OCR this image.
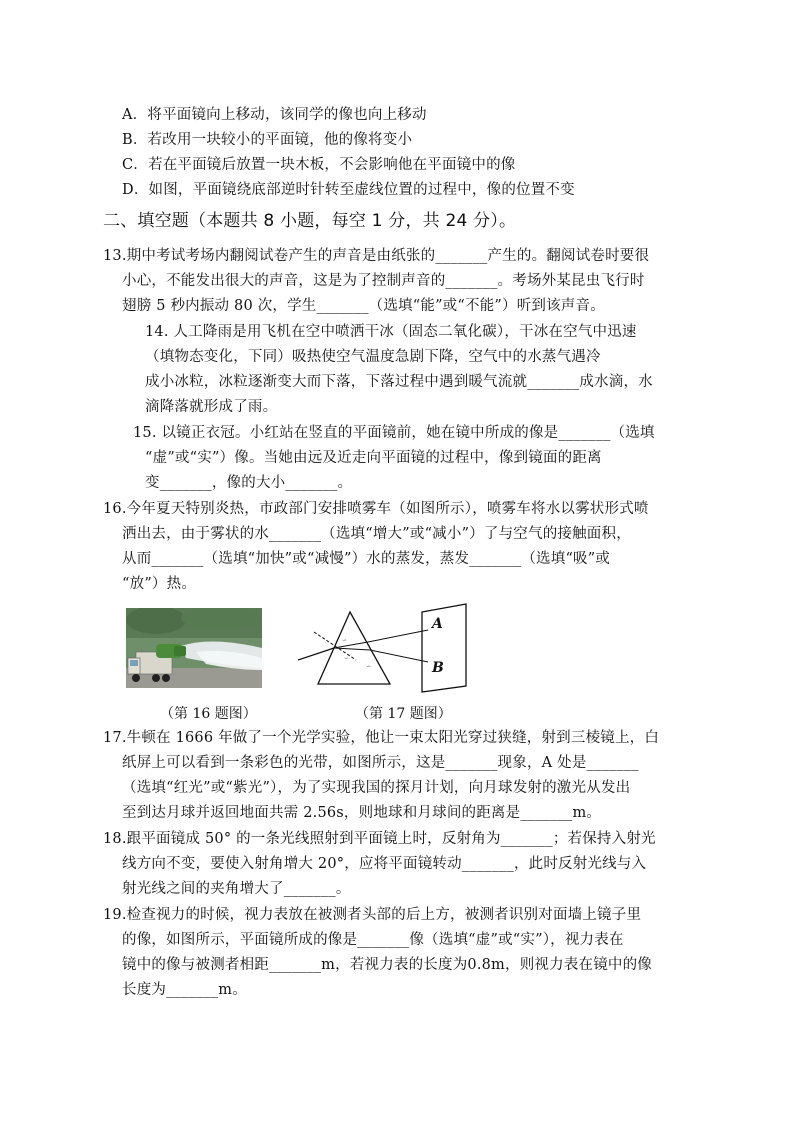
A．将平面镜向上移动，该同学的像也向上移动
B．若改用一块较小的平面镜，他的像将变小
C．若在平面镜后放置一块木板，不会影响他在平面镜中的像
D．如图，平面镜绕底部逆时针转至虚线位置的过程中，像的位置不变
二、填空题（本题共 8 小题，每空 1 分，共 24 分）。
13.期中考试考场内翻阅试卷产生的声音是由纸张的_______产生的。翻阅试卷时要很
小心，不能发出很大的声音，这是为了控制声音的_______。考场外某昆虫飞行时
翅膀 5 秒内振动 80 次，学生_______（选填“能”或“不能”）听到该声音。
14. 人工降雨是用飞机在空中喷洒干冰（固态二氧化碳），干冰在空气中迅速
（填物态变化，下同）吸热使空气温度急剧下降，空气中的水蒸气遇冷
成小冰粒，冰粒逐渐变大而下落，下落过程中遇到暖气流就_______成水滴，水
滴降落就形成了雨。
15. 以镜正衣冠。小红站在竖直的平面镜前，她在镜中所成的像是_______（选填
“虚”或“实”）像。当她由远及近走向平面镜的过程中，像到镜面的距离
变_______，像的大小_______。
16.今年夏天特别炎热，市政部门安排喷雾车（如图所示），喷雾车将水以雾状形式喷
洒出去，由于雾状的水_______（选填“增大”或“减小”）了与空气的接触面积，
从而_______（选填“加快”或“减慢”）水的蒸发，蒸发_______（选填“吸”或
“放”）热。
∽
∽
∽
A
B
（第 16 题图）	（第 17 题图）
17.牛顿在 1666 年做了一个光学实验，他让一束太阳光穿过狭缝，射到三棱镜上，白
纸屏上可以看到一条彩色的光带，如图所示，这是_______现象，A 处是_______
（选填“红光”或“紫光”），为了实现我国的探月计划，向月球发射的激光从发出
至到达月球并返回地面共需 2.56s，则地球和月球间的距离是_______m。
18.跟平面镜成 50° 的一条光线照射到平面镜上时，反射角为_______；若保持入射光
线方向不变，要使入射角增大 20°，应将平面镜转动_______，此时反射光线与入
射光线之间的夹角增大了_______。
19.检查视力的时候，视力表放在被测者头部的后上方，被测者识别对面墙上镜子里
的像，如图所示，平面镜所成的像是_______像（选填“虚”或“实”），视力表在
镜中的像与被测者相距_______m，若视力表的长度为0.8m，则视力表在镜中的像
长度为_______m。
